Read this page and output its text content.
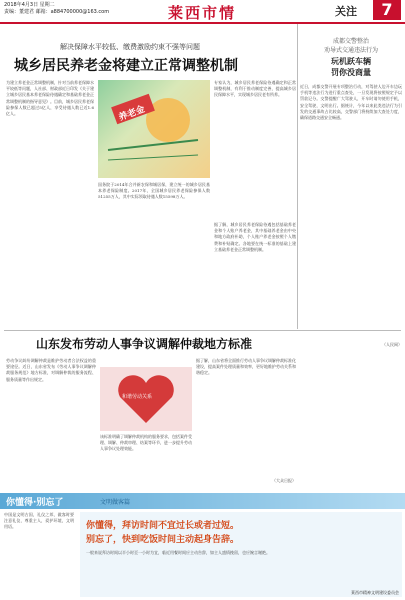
2018年4月3日 星期二
责编：董建君 邮箱：a884700000@163.com	莱西市情	关注	7
解决保障水平较低、缴费激励约束不强等问题
城乡居民养老金将建立正常调整机制
为建立养老金正常调整机制，针对当前养老保障水平较低等问题，人社部、财政部近日印发《关于建立城乡居民基本养老保险待遇确定和基础养老金正常调整机制的指导意见》。目前，城乡居民养老保险参保人数已超过5亿人，享受待遇人数已近1.6亿人。	养老金
国务院于2014年合并新农保和城居保，建立统一的城乡居民基本养老保险制度。2017年，全国城乡居民养老保险参保人数51255万人，其中实际领取待遇人数15598万人。
专家认为，城乡居民养老保险待遇确定和正常调整机制，有利于推动制度完善，提高城乡居民保障水平，实现城乡居民老有所养。
据了解，城乡居民养老保险待遇包括基础养老金和个人账户养老金，其中基础养老金由中央和地方政府补助，个人账户养老金按照个人缴费和补贴确定。各地要在统一标准的基础上建立基础养老金正常调整机制。
成都交警整治
劝导式交通违法行为
玩机跃车辆
罚你没商量
近日，成都交警开展专项整治行动，对驾驶人边开车边玩手机等违法行为进行重点查处，一旦发现将按照规定予以罚款记分。交警提醒广大驾驶人，开车时请勿使用手机，安全驾驶，文明出行。据统计，今年以来此类违法行为引发的交通事故占比较高，交警部门将持续加大查处力度，确保道路交通安全畅通。
（人民网）
山东发布劳动人事争议调解仲裁地方标准
劳动争议纠纷调解仲裁是维护劳动者合法权益的重要途径。近日，山东省发布《劳动人事争议调解仲裁服务规范》地方标准，对调解仲裁的服务流程、服务质量等作出规定。
和谐劳动关系
该标准明确了调解仲裁机构的服务要求，包括案件受理、调解、仲裁审理、结案等环节，进一步提升劳动人事争议处理效能。
据了解，山东省将全面推行劳动人事争议调解仲裁标准化建设，提高案件处理质量和效率，更好地维护劳动关系和谐稳定。
（大众日报）
你懂得·别忘了	文明做客篇
中国是文明古国，礼仪之邦，做客时要注意礼仪，尊重主人，爱护环境，文明用语。	你懂得，拜访时间不宜过长或者过短。
别忘了，快到吃饭时间主动起身告辞。
一般来说拜访时间以半小时至一小时为宜，临近用餐时间应主动告辞，如主人盛情挽留，也应婉言谢绝。
莱西市精神文明建设委员会
